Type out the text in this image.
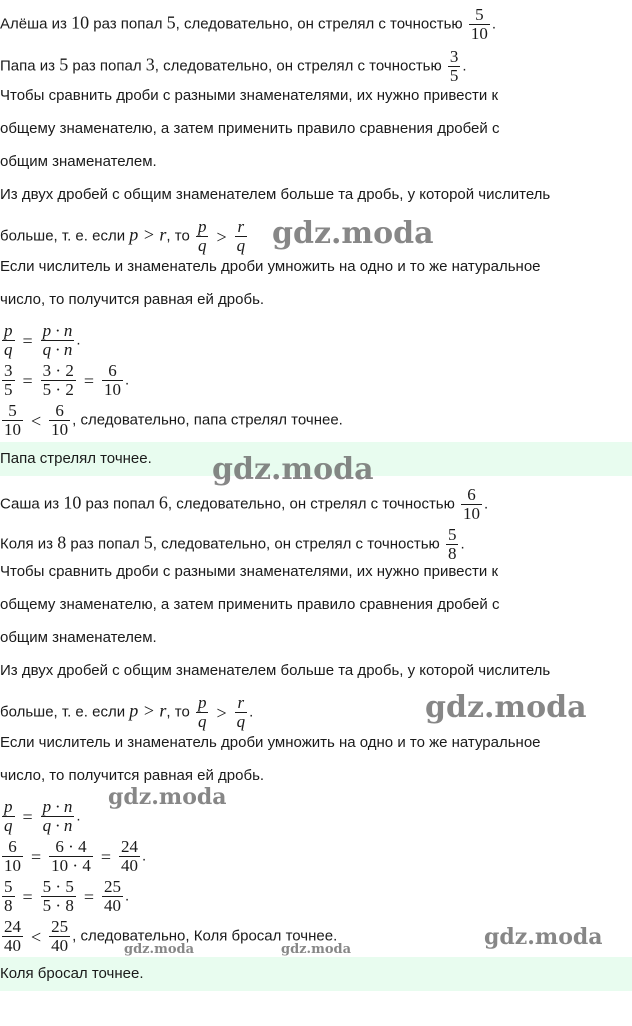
Алёша из 10 раз попал 5, следовательно, он стрелял с точностью $\frac{5}{10}$ .
Папа из 5 раз попал 3, следовательно, он стрелял с точностью $\frac{3}{5}$ .
Чтобы сравнить дроби с разными знаменателями, их нужно привести к
общему знаменателю, а затем применить правило сравнения дробей с
общим знаменателем.
Из двух дробей с общим знаменателем больше та дробь, у которой числитель
больше, т. е. если p > r, то $\frac{p}{q} > \frac{r}{q}$
Если числитель и знаменатель дроби умножить на одно и то же натуральное
число, то получится равная ей дробь.
$\frac{p}{q} = \frac{p \cdot n}{q \cdot n}$ .
$\frac{3}{5} = \frac{3 \cdot 2}{5 \cdot 2} = \frac{6}{10}$ .
$\frac{5}{10} < \frac{6}{10}$ , следовательно, папа стрелял точнее.
Папа стрелял точнее.
Саша из 10 раз попал 6, следовательно, он стрелял с точностью $\frac{6}{10}$ .
Коля из 8 раз попал 5, следовательно, он стрелял с точностью $\frac{5}{8}$ .
Чтобы сравнить дроби с разными знаменателями, их нужно привести к
общему знаменателю, а затем применить правило сравнения дробей с
общим знаменателем.
Из двух дробей с общим знаменателем больше та дробь, у которой числитель
больше, т. е. если p > r, то $\frac{p}{q} > \frac{r}{q}$ .
Если числитель и знаменатель дроби умножить на одно и то же натуральное
число, то получится равная ей дробь.
$\frac{p}{q} = \frac{p \cdot n}{q \cdot n}$ .
$\frac{6}{10} = \frac{6 \cdot 4}{10 \cdot 4} = \frac{24}{40}$ .
$\frac{5}{8} = \frac{5 \cdot 5}{5 \cdot 8} = \frac{25}{40}$ .
$\frac{24}{40} < \frac{25}{40}$ , следовательно, Коля бросал точнее.
Коля бросал точнее.
gdz.moda
gdz.moda
gdz.moda
gdz.moda
gdz.moda
gdz.moda	gdz.moda
